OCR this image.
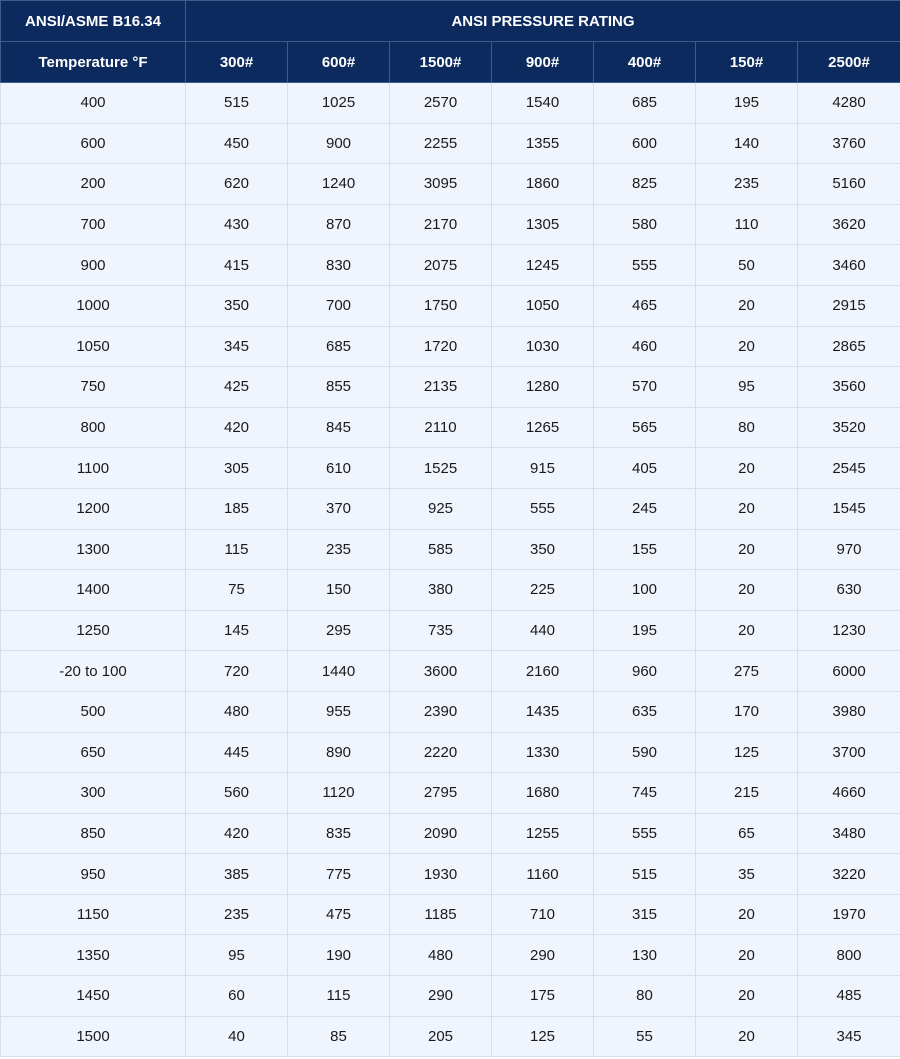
ANSI/ASME B16.34	ANSI PRESSURE RATING						
Temperature °F	300#	600#	1500#	900#	400#	150#	2500#
400	515	1025	2570	1540	685	195	4280
600	450	900	2255	1355	600	140	3760
200	620	1240	3095	1860	825	235	5160
700	430	870	2170	1305	580	110	3620
900	415	830	2075	1245	555	50	3460
1000	350	700	1750	1050	465	20	2915
1050	345	685	1720	1030	460	20	2865
750	425	855	2135	1280	570	95	3560
800	420	845	2110	1265	565	80	3520
1100	305	610	1525	915	405	20	2545
1200	185	370	925	555	245	20	1545
1300	115	235	585	350	155	20	970
1400	75	150	380	225	100	20	630
1250	145	295	735	440	195	20	1230
-20 to 100	720	1440	3600	2160	960	275	6000
500	480	955	2390	1435	635	170	3980
650	445	890	2220	1330	590	125	3700
300	560	1120	2795	1680	745	215	4660
850	420	835	2090	1255	555	65	3480
950	385	775	1930	1160	515	35	3220
1150	235	475	1185	710	315	20	1970
1350	95	190	480	290	130	20	800
1450	60	115	290	175	80	20	485
1500	40	85	205	125	55	20	345
